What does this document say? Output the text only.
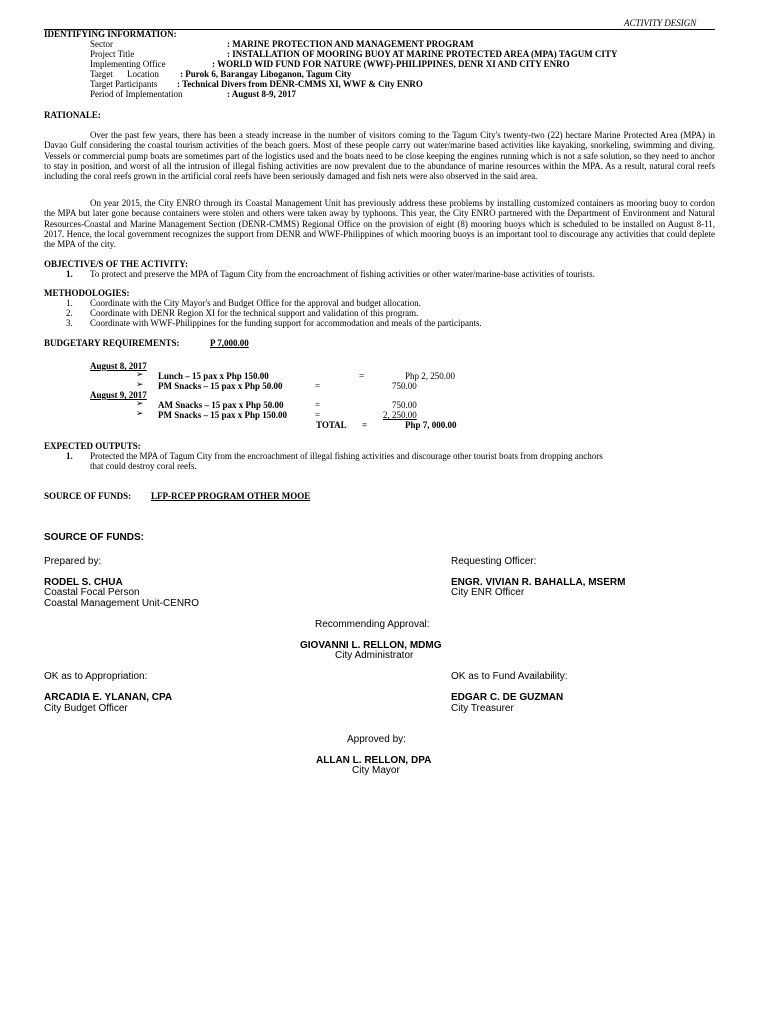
ACTIVITY DESIGN
IDENTIFYING INFORMATION:
Sector	: MARINE PROTECTION AND MANAGEMENT PROGRAM
Project Title	: INSTALLATION OF MOORING BUOY AT MARINE PROTECTED AREA (MPA) TAGUM CITY
Implementing Office	: WORLD WID FUND FOR NATURE (WWF)-PHILIPPINES, DENR XI AND CITY ENRO
Target Location : Purok 6, Barangay Liboganon, Tagum City
Target Participants : Technical Divers from DENR-CMMS XI, WWF & City ENRO
Period of Implementation	: August 8-9, 2017
RATIONALE:
Over the past few years, there has been a steady increase in the number of visitors coming to the Tagum City's twenty-two (22) hectare Marine Protected Area (MPA) in Davao Gulf considering the coastal tourism activities of the beach goers. Most of these people carry out water/marine based activities like kayaking, snorkeling, swimming and diving. Vessels or commercial pump boats are sometimes part of the logistics used and the boats need to be close keeping the engines running which is not a safe solution, so they need to anchor to stay in position, and worst of all the intrusion of illegal fishing activities are now prevalent due to the abundance of marine resources within the MPA. As a result, natural coral reefs including the coral reefs grown in the artificial coral reefs have been seriously damaged and fish nets were also observed in the said area.
On year 2015, the City ENRO through its Coastal Management Unit has previously address these problems by installing customized containers as mooring buoy to cordon the MPA but later gone because containers were stolen and others were taken away by typhoons. This year, the City ENRO partnered with the Department of Environment and Natural Resources-Coastal and Marine Management Section (DENR-CMMS) Regional Office on the provision of eight (8) mooring buoys which is scheduled to be installed on August 8-11, 2017. Hence, the local government recognizes the support from DENR and WWF-Philippines of which mooring buoys is an important tool to discourage any activities that could deplete the MPA of the city.
OBJECTIVE/S OF THE ACTIVITY:
1. To protect and preserve the MPA of Tagum City from the encroachment of fishing activities or other water/marine-base activities of tourists.
METHODOLOGIES:
1. Coordinate with the City Mayor's and Budget Office for the approval and budget allocation.
2. Coordinate with DENR Region XI for the technical support and validation of this program.
3. Coordinate with WWF-Philippines for the funding support for accommodation and meals of the participants.
BUDGETARY REQUIREMENTS:	P 7,000.00
August 8, 2017
➢ Lunch – 15 pax x Php 150.00	=	Php 2, 250.00
➢ PM Snacks – 15 pax x Php 50.00	=	750.00
August 9, 2017
➢ AM Snacks – 15 pax x Php 50.00	=	750.00
➢ PM Snacks – 15 pax x Php 150.00	=	2, 250.00
TOTAL =	Php 7, 000.00
EXPECTED OUTPUTS:
1. Protected the MPA of Tagum City from the encroachment of illegal fishing activities and discourage other tourist boats from dropping anchors
that could destroy coral reefs.
SOURCE OF FUNDS: LFP-RCEP PROGRAM OTHER MOOE
SOURCE OF FUNDS:
Prepared by:
RODEL S. CHUA
Coastal Focal Person
Coastal Management Unit-CENRO
Requesting Officer:
ENGR. VIVIAN R. BAHALLA, MSERM
City ENR Officer
Recommending Approval:
GIOVANNI L. RELLON, MDMG
City Administrator
OK as to Appropriation:
ARCADIA E. YLANAN, CPA
City Budget Officer
OK as to Fund Availability:
EDGAR C. DE GUZMAN
City Treasurer
Approved by:
ALLAN L. RELLON, DPA
City Mayor
